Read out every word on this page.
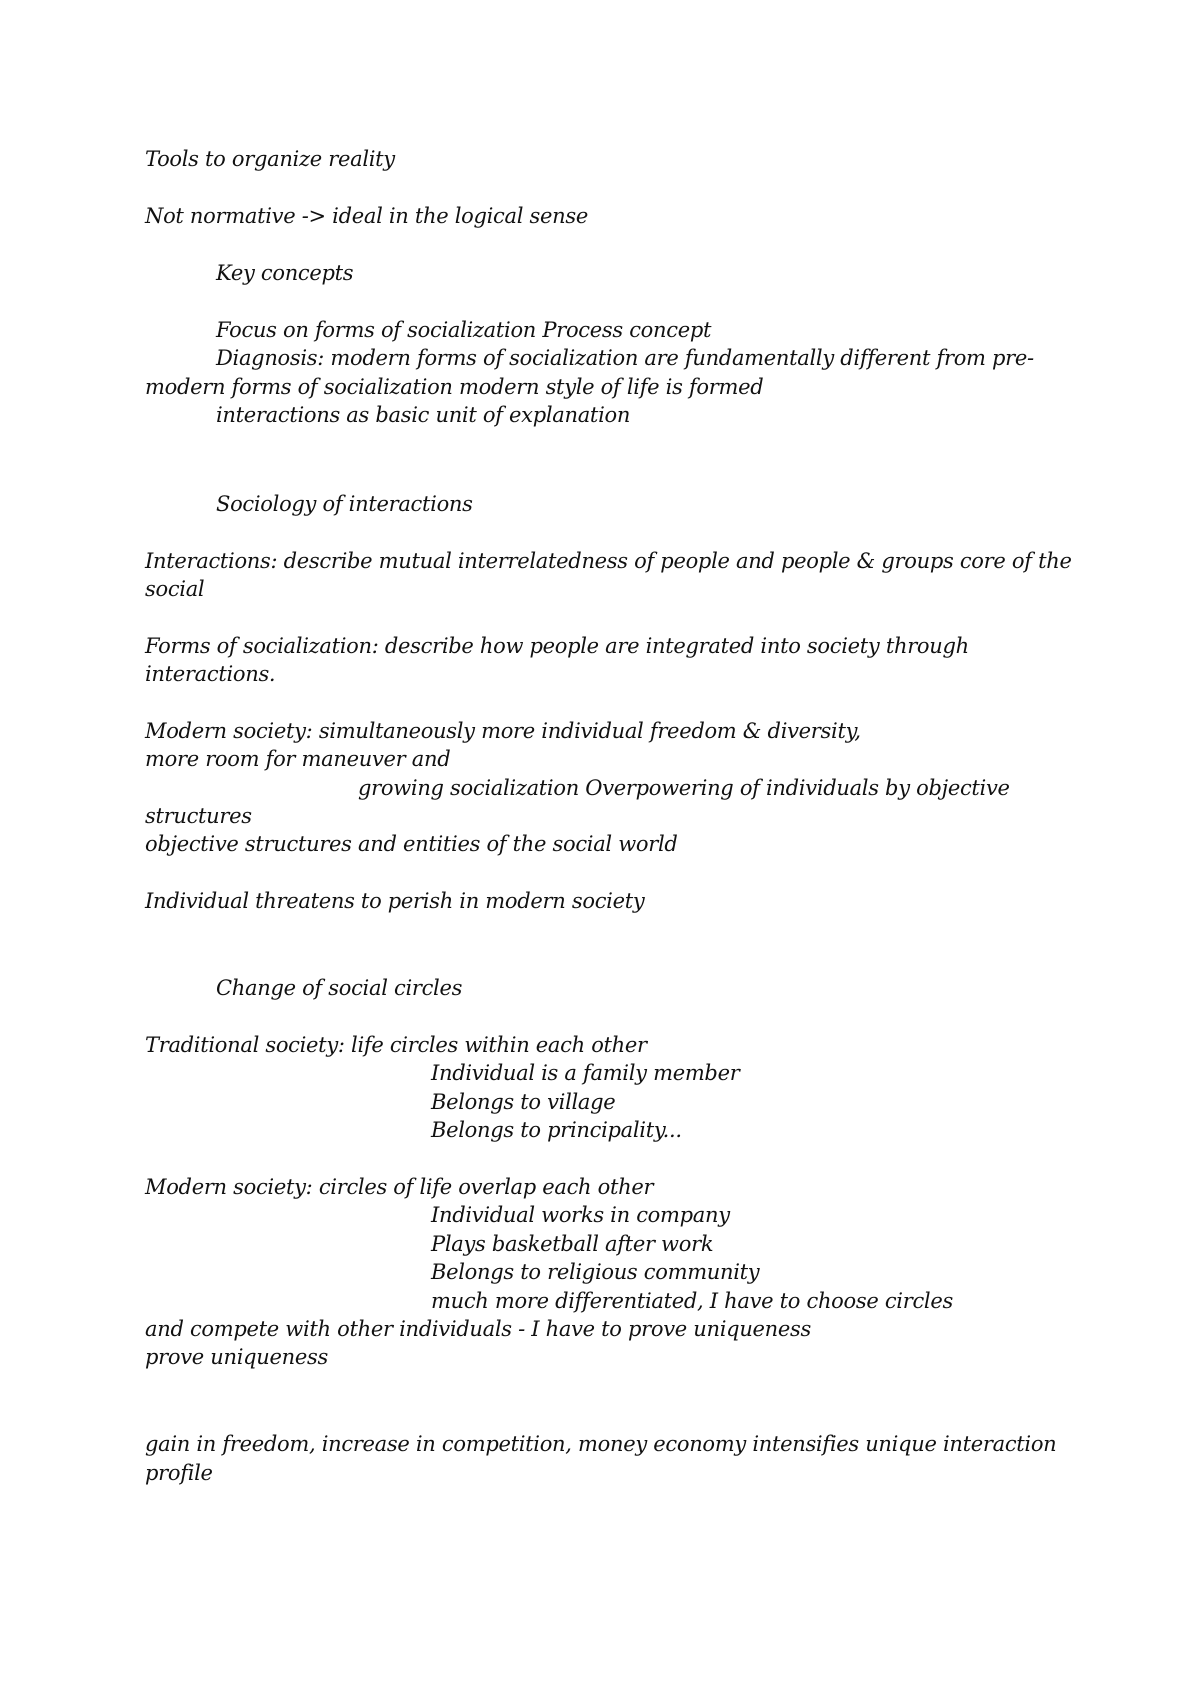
Tools to organize reality
Not normative -> ideal in the logical sense
Key concepts
Focus on forms of socialization Process concept
Diagnosis: modern forms of socialization are fundamentally different from pre-
modern forms of socialization modern style of life is formed
interactions as basic unit of explanation
Sociology of interactions
Interactions: describe mutual interrelatedness of people and people & groups core of the
social
Forms of socialization: describe how people are integrated into society through
interactions.
Modern society: simultaneously more individual freedom & diversity,
more room for maneuver and
growing socialization Overpowering of individuals by objective
structures
objective structures and entities of the social world
Individual threatens to perish in modern society
Change of social circles
Traditional society: life circles within each other
Individual is a family member
Belongs to village
Belongs to principality...
Modern society: circles of life overlap each other
Individual works in company
Plays basketball after work
Belongs to religious community
much more differentiated, I have to choose circles
and compete with other individuals - I have to prove uniqueness
prove uniqueness
gain in freedom, increase in competition, money economy intensifies unique interaction
profile
